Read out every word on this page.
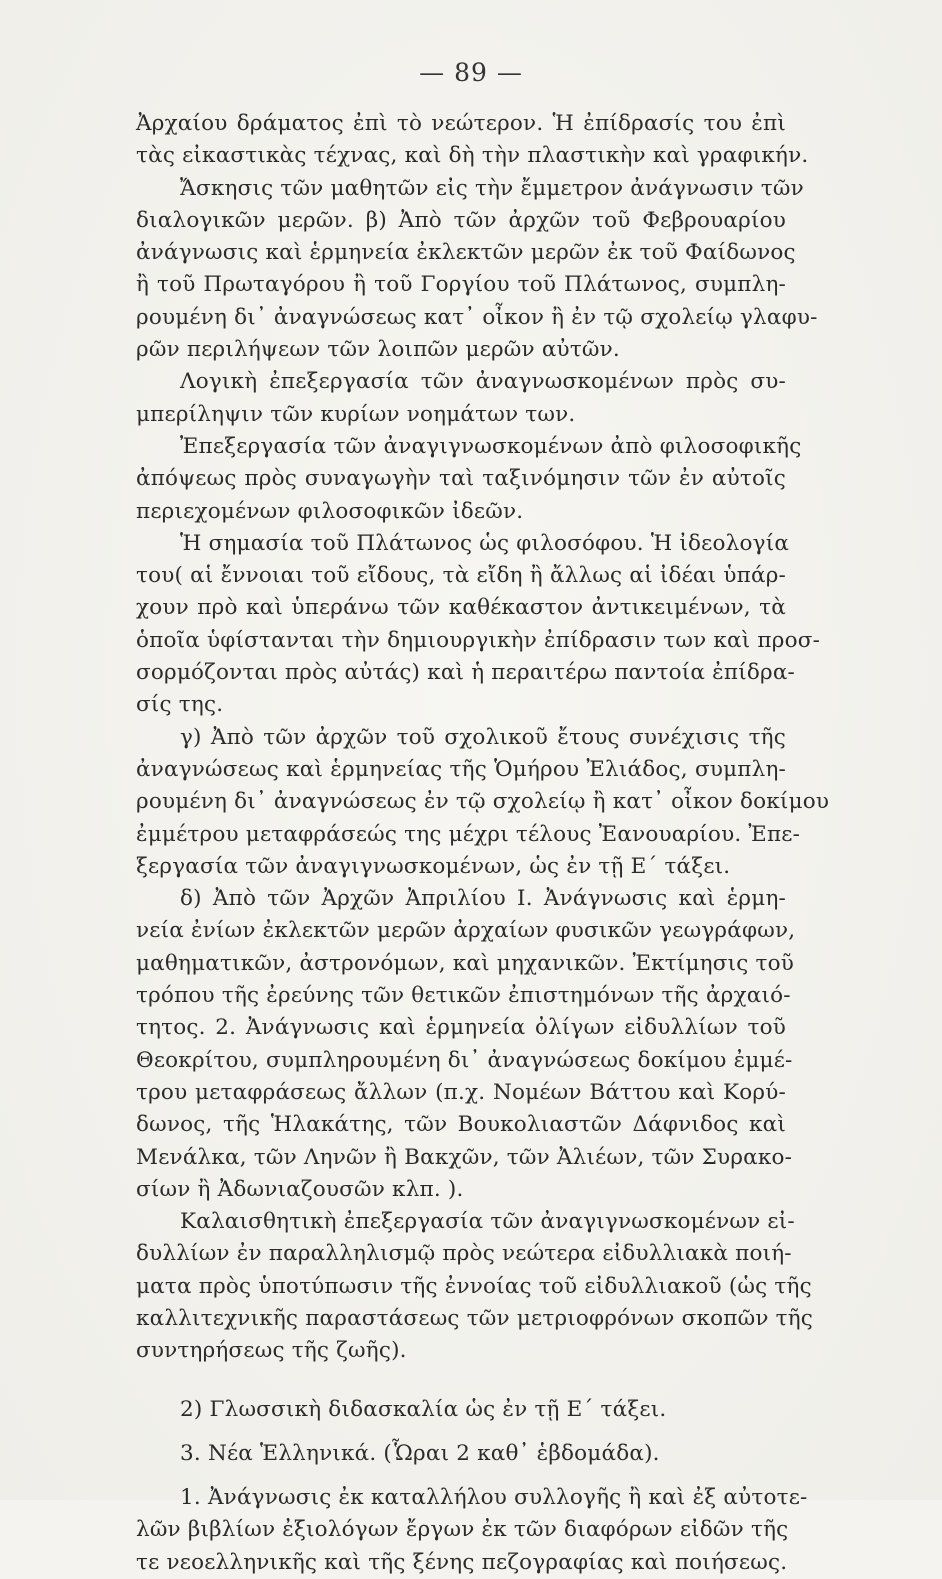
— 89 —
Ἀρχαίου δράματος ἐπὶ τὸ νεώτερον. Ἡ ἐπίδρασίς του ἐπὶ
τὰς εἰκαστικὰς τέχνας, καὶ δὴ τὴν πλαστικὴν καὶ γραφικήν.
Ἄσκησις τῶν μαθητῶν εἰς τὴν ἔμμετρον ἀνάγνωσιν τῶν
διαλογικῶν μερῶν. β) Ἀπὸ τῶν ἀρχῶν τοῦ Φεβρουαρίου
ἀνάγνωσις καὶ ἑρμηνεία ἐκλεκτῶν μερῶν ἐκ τοῦ Φαίδωνος
ἢ τοῦ Πρωταγόρου ἢ τοῦ Γοργίου τοῦ Πλάτωνος, συμπλη-
ρουμένη δι᾽ ἀναγνώσεως κατ᾽ οἶκον ἢ ἐν τῷ σχολείῳ γλαφυ-
ρῶν περιλήψεων τῶν λοιπῶν μερῶν αὐτῶν.
Λογικὴ ἐπεξεργασία τῶν ἀναγνωσκομένων πρὸς συ-
μπερίληψιν τῶν κυρίων νοημάτων των.
Ἐπεξεργασία τῶν ἀναγιγνωσκομένων ἀπὸ φιλοσοφικῆς
ἀπόψεως πρὸς συναγωγὴν ταὶ ταξινόμησιν τῶν ἐν αὐτοῖς
περιεχομένων φιλοσοφικῶν ἰδεῶν.
Ἡ σημασία τοῦ Πλάτωνος ὡς φιλοσόφου. Ἡ ἰδεολογία
του( αἱ ἔννοιαι τοῦ εἴδους, τὰ εἴδη ἢ ἄλλως αἱ ἰδέαι ὑπάρ-
χουν πρὸ καὶ ὑπεράνω τῶν καθέκαστον ἀντικειμένων, τὰ
ὁποῖα ὑφίστανται τὴν δημιουργικὴν ἐπίδρασιν των καὶ προσ-
σορμόζονται πρὸς αὐτάς) καὶ ἡ περαιτέρω παντοία ἐπίδρα-
σίς της.
γ) Ἀπὸ τῶν ἀρχῶν τοῦ σχολικοῦ ἔτους συνέχισις τῆς
ἀναγνώσεως καὶ ἑρμηνείας τῆς Ὁμήρου Ἐλιάδος, συμπλη-
ρουμένη δι᾽ ἀναγνώσεως ἐν τῷ σχολείῳ ἢ κατ᾽ οἶκον δοκίμου
ἐμμέτρου μεταφράσεώς της μέχρι τέλους Ἐανουαρίου. Ἐπε-
ξεργασία τῶν ἀναγιγνωσκομένων, ὡς ἐν τῇ Ε΄ τάξει.
δ) Ἀπὸ τῶν Ἀρχῶν Ἀπριλίου Ι. Ἀνάγνωσις καὶ ἑρμη-
νεία ἐνίων ἐκλεκτῶν μερῶν ἀρχαίων φυσικῶν γεωγράφων,
μαθηματικῶν, ἀστρονόμων, καὶ μηχανικῶν. Ἐκτίμησις τοῦ
τρόπου τῆς ἐρεύνης τῶν θετικῶν ἐπιστημόνων τῆς ἀρχαιό-
τητος. 2. Ἀνάγνωσις καὶ ἑρμηνεία ὀλίγων εἰδυλλίων τοῦ
Θεοκρίτου, συμπληρουμένη δι᾽ ἀναγνώσεως δοκίμου ἐμμέ-
τρου μεταφράσεως ἄλλων (π.χ. Νομέων Βάττου καὶ Κορύ-
δωνος, τῆς Ἡλακάτης, τῶν Βουκολιαστῶν Δάφνιδος καὶ
Μενάλκα, τῶν Ληνῶν ἢ Βακχῶν, τῶν Ἀλιέων, τῶν Συρακο-
σίων ἢ Ἀδωνιαζουσῶν κλπ. ).
Καλαισθητικὴ ἐπεξεργασία τῶν ἀναγιγνωσκομένων εἰ-
δυλλίων ἐν παραλληλισμῷ πρὸς νεώτερα εἰδυλλιακὰ ποιή-
ματα πρὸς ὑποτύπωσιν τῆς ἐννοίας τοῦ εἰδυλλιακοῦ (ὡς τῆς
καλλιτεχνικῆς παραστάσεως τῶν μετριοφρόνων σκοπῶν τῆς
συντηρήσεως τῆς ζωῆς).
2) Γλωσσικὴ διδασκαλία ὡς ἐν τῇ Ε΄ τάξει.
3. Νέα Ἑλληνικά. (Ὧραι 2 καθ᾽ ἑβδομάδα).
1. Ἀνάγνωσις ἐκ καταλλήλου συλλογῆς ἢ καὶ ἐξ αὐτοτε-
λῶν βιβλίων ἐξιολόγων ἔργων ἐκ τῶν διαφόρων εἰδῶν τῆς
τε νεοελληνικῆς καὶ τῆς ξένης πεζογραφίας καὶ ποιήσεως.
